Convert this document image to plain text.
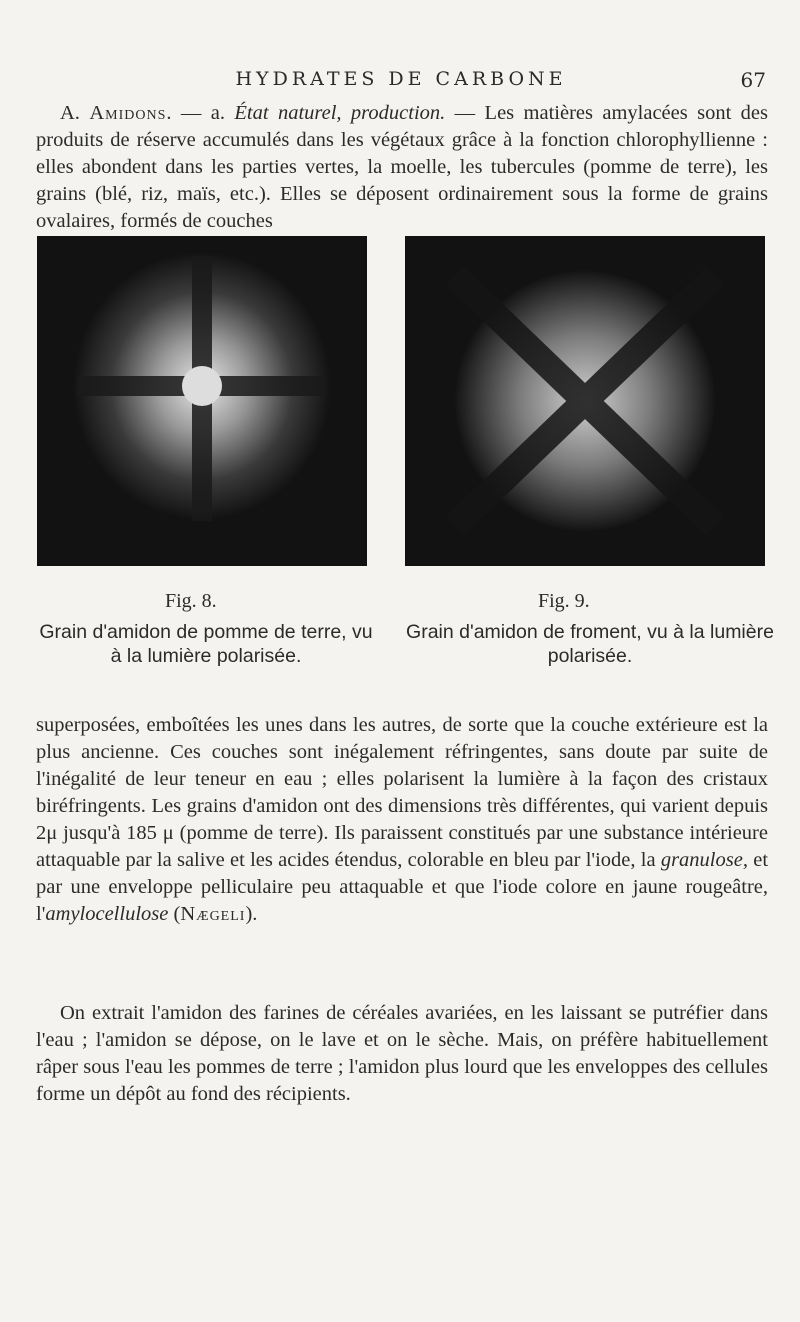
HYDRATES DE CARBONE	67

A. Amidons. — a. État naturel, production. — Les matières amylacées sont des produits de réserve accumulés dans les végétaux grâce à la fonction chlorophyllienne : elles abondent dans les parties vertes, la moelle, les tubercules (pomme de terre), les grains (blé, riz, maïs, etc.). Elles se déposent ordinairement sous la forme de grains ovalaires, formés de couches

Fig. 8.	Fig. 9.
Grain d'amidon de pomme de terre, vu à la lumière polarisée.
Grain d'amidon de froment, vu à la lumière polarisée.

superposées, emboîtées les unes dans les autres, de sorte que la couche extérieure est la plus ancienne. Ces couches sont inégalement réfringentes, sans doute par suite de l'inégalité de leur teneur en eau ; elles polarisent la lumière à la façon des cristaux biréfringents. Les grains d'amidon ont des dimensions très différentes, qui varient depuis 2μ jusqu'à 185 μ (pomme de terre). Ils paraissent constitués par une substance intérieure attaquable par la salive et les acides étendus, colorable en bleu par l'iode, la granulose, et par une enveloppe pelliculaire peu attaquable et que l'iode colore en jaune rougeâtre, l'amylocellulose (Nægeli).

On extrait l'amidon des farines de céréales avariées, en les laissant se putréfier dans l'eau ; l'amidon se dépose, on le lave et on le sèche. Mais, on préfère habituellement râper sous l'eau les pommes de terre ; l'amidon plus lourd que les enveloppes des cellules forme un dépôt au fond des récipients.
